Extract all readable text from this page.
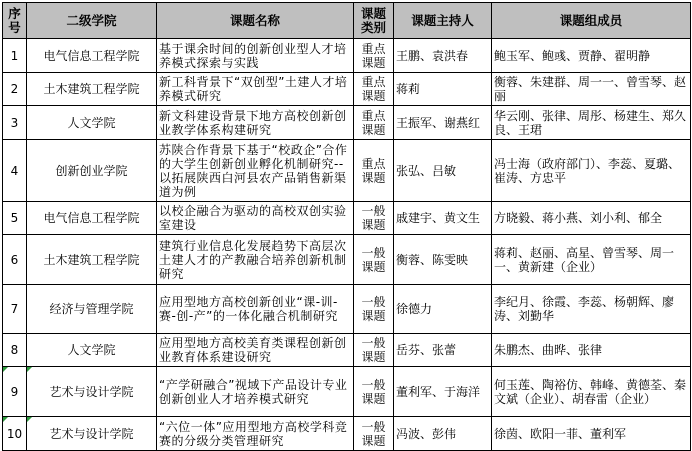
序号	二级学院	课题名称	课题类别	课题主持人	课题组成员
1	电气信息工程学院	基于课余时间的创新创业型人才培养模式探索与实践	重点课题	王鹏、袁洪春	鲍玉军、鲍彧、贾静、翟明静
2	土木建筑工程学院	新工科背景下“双创型”土建人才培养模式研究	重点课题	蒋莉	衡蓉、朱建群、周一一、曾雪琴、赵丽
3	人文学院	新文科建设背景下地方高校创新创业教学体系构建研究	重点课题	王振军、谢燕红	华云刚、张律、周彤、杨建生、郑久良、王珺
4	创新创业学院	苏陕合作背景下基于“校政企”合作的大学生创新创业孵化机制研究--以拓展陕西白河县农产品销售新渠道为例	重点课题	张弘、吕敏	冯士海（政府部门）、李蕊、夏璐、崔涛、方忠平
5	电气信息工程学院	以校企融合为驱动的高校双创实验室建设	一般课题	戚建宇、黄文生	方晓毅、蒋小燕、刘小利、郁全
6	土木建筑工程学院	建筑行业信息化发展趋势下高层次土建人才的产教融合培养创新机制研究	一般课题	衡蓉、陈雯映	蒋莉、赵丽、高星、曾雪琴、周一一、黄新建（企业）
7	经济与管理学院	应用型地方高校创新创业“课-训-赛-创-产”的一体化融合机制研究	一般课题	徐德力	李纪月、徐霞、李蕊、杨朝辉、廖涛、刘勤华
8	人文学院	应用型地方高校美育类课程创新创业教育体系建设研究	一般课题	岳芬、张蕾	朱鹏杰、曲晔、张律

9	艺术与设计学院	“产学研融合”视域下产品设计专业创新创业人才培养模式研究	一般课题	董利军、于海洋	何玉莲、陶裕仿、韩峰、黄德荃、秦文斌（企业）、胡春雷（企业）

10	艺术与设计学院	“六位一体”应用型地方高校学科竞赛的分级分类管理研究	一般课题	冯波、彭伟	徐茵、欧阳一菲、董利军
